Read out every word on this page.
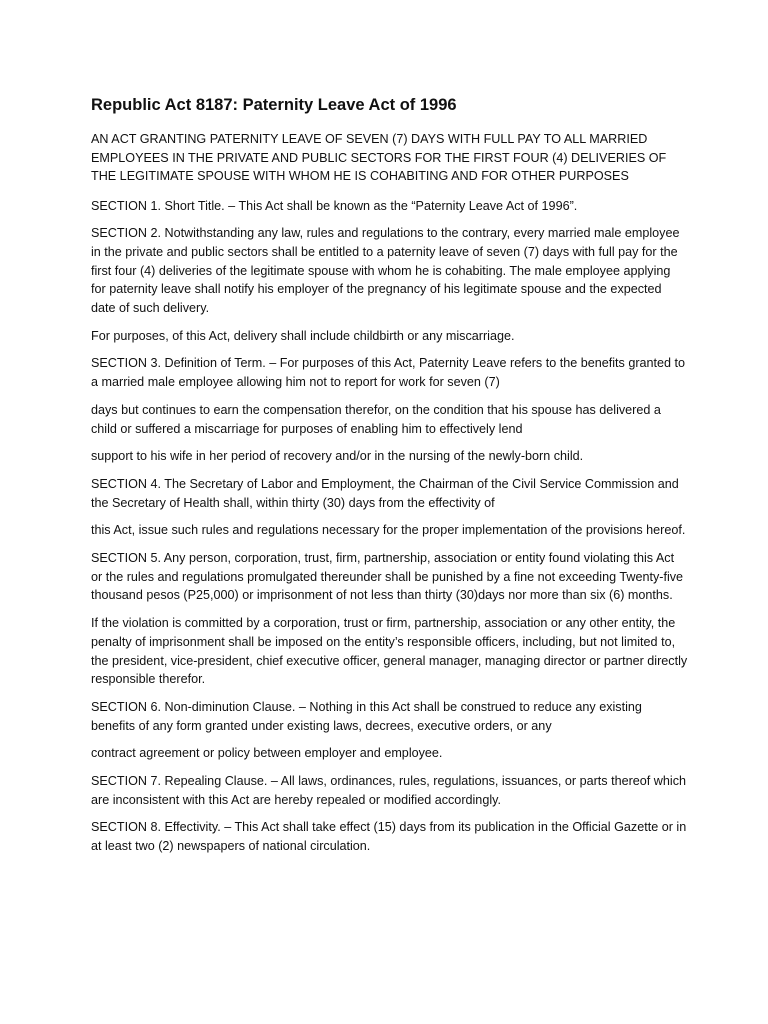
Republic Act 8187: Paternity Leave Act of 1996
AN ACT GRANTING PATERNITY LEAVE OF SEVEN (7) DAYS WITH FULL PAY TO ALL MARRIED EMPLOYEES IN THE PRIVATE AND PUBLIC SECTORS FOR THE FIRST FOUR (4) DELIVERIES OF THE LEGITIMATE SPOUSE WITH WHOM HE IS COHABITING AND FOR OTHER PURPOSES

SECTION 1. Short Title. – This Act shall be known as the “Paternity Leave Act of 1996”.

SECTION 2. Notwithstanding any law, rules and regulations to the contrary, every married male employee in the private and public sectors shall be entitled to a paternity leave of seven (7) days with full pay for the first four (4) deliveries of the legitimate spouse with whom he is cohabiting. The male employee applying for paternity leave shall notify his employer of the pregnancy of his legitimate spouse and the expected date of such delivery.

For purposes, of this Act, delivery shall include childbirth or any miscarriage.

SECTION 3. Definition of Term. – For purposes of this Act, Paternity Leave refers to the benefits granted to a married male employee allowing him not to report for work for seven (7)

days but continues to earn the compensation therefor, on the condition that his spouse has delivered a child or suffered a miscarriage for purposes of enabling him to effectively lend

support to his wife in her period of recovery and/or in the nursing of the newly-born child.

SECTION 4. The Secretary of Labor and Employment, the Chairman of the Civil Service Commission and the Secretary of Health shall, within thirty (30) days from the effectivity of

this Act, issue such rules and regulations necessary for the proper implementation of the provisions hereof.

SECTION 5. Any person, corporation, trust, firm, partnership, association or entity found violating this Act or the rules and regulations promulgated thereunder shall be punished by a fine not exceeding Twenty-five thousand pesos (P25,000) or imprisonment of not less than thirty (30)days nor more than six (6) months.

If the violation is committed by a corporation, trust or firm, partnership, association or any other entity, the penalty of imprisonment shall be imposed on the entity’s responsible officers, including, but not limited to, the president, vice-president, chief executive officer, general manager, managing director or partner directly responsible therefor.

SECTION 6. Non-diminution Clause. – Nothing in this Act shall be construed to reduce any existing benefits of any form granted under existing laws, decrees, executive orders, or any

contract agreement or policy between employer and employee.

SECTION 7. Repealing Clause. – All laws, ordinances, rules, regulations, issuances, or parts thereof which are inconsistent with this Act are hereby repealed or modified accordingly.

SECTION 8. Effectivity. – This Act shall take effect (15) days from its publication in the Official Gazette or in at least two (2) newspapers of national circulation.
